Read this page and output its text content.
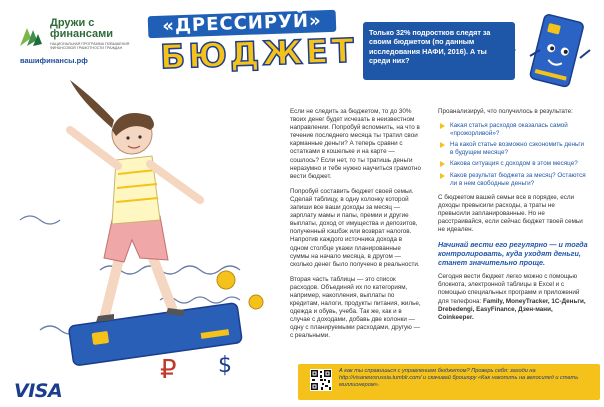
Дружи с финансами
НАЦИОНАЛЬНАЯ ПРОГРАММА ПОВЫШЕНИЯ ФИНАНСОВОЙ ГРАМОТНОСТИ ГРАЖДАН
вашифинансы.рф
«ДРЕССИРУЙ»
БЮДЖЕТ	Только 32% подростков следят за своим бюджетом (по данным исследования НАФИ, 2016). А ты среди них?
₽ $

Если не следить за бюджетом, то до 30% твоих денег будет исчезать в неизвестном направлении. Попробуй вспомнить, на что в течение последнего месяца ты тратил свои карманные деньги? А теперь сравни с остатками в кошельке и на карте — сошлось? Если нет, то ты тратишь деньги неразумно и тебе нужно научиться грамотно вести бюджет.

Попробуй составить бюджет своей семьи. Сделай таблицу, в одну колонку которой запиши все ваши доходы за месяц — зарплату мамы и папы, премии и другие выплаты, доход от имущества и депозитов, полученный кэшбэк или возврат налогов. Напротив каждого источника дохода в одном столбце укажи планированные суммы на начало месяца, в другом — сколько денег было получено в реальности.

Вторая часть таблицы — это список расходов. Объединяй их по категориям, например, накопления, выплаты по кредитам, налоги, продукты питания, жилье, одежда и обувь, учеба. Так же, как и в случае с доходами, добавь две колонки — одну с планируемыми расходами, другую — с реальными.

Проанализируй, что получилось в результате:

Какая статья расходов оказалась самой «прожорливой»?
На какой статье возможно сэкономить деньги в будущем месяце?
Какова ситуация с доходом в этом месяце?
Каков результат бюджета за месяц? Остаются ли в нем свободные деньги?

С бюджетом вашей семьи все в порядке, если доходы превысили расходы, а траты не превысили запланированные. Но не расстраивайся, если сейчас бюджет твоей семьи не идеален.

Начинай вести его регулярно — и тогда контролировать, куда уходят деньги, станет значительно проще.

Сегодня вести бюджет легко можно с помощью блокнота, электронной таблицы в Excel и с помощью специальных программ и приложений для телефона: Family, MoneyTracker, 1С-Деньги, Drebedengi, EasyFinance, Дзен-мани, Coinkeeper.

А как ты справишься с управлением бюджетом? Проверь себя: заходи на http://visanewsrussia.tumblr.com/ и скачивай брошюру «Как накопить на велосипед и стать миллионером».
VISA
